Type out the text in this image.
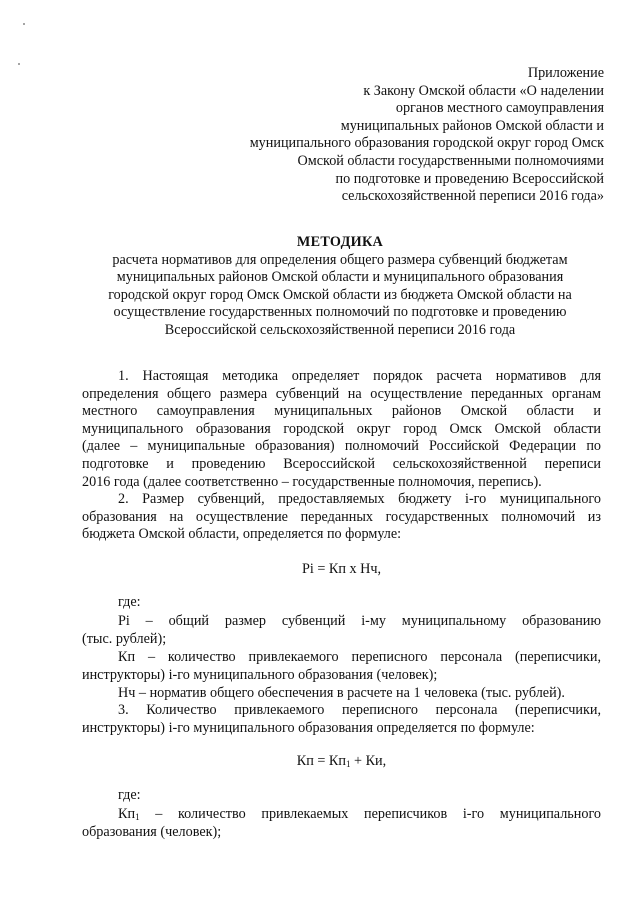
Приложение
к Закону Омской области «О наделении
органов местного самоуправления
муниципальных районов Омской области и
муниципального образования городской округ город Омск
Омской области государственными полномочиями
по подготовке и проведению Всероссийской
сельскохозяйственной переписи 2016 года»
МЕТОДИКА
расчета нормативов для определения общего размера субвенций бюджетам
муниципальных районов Омской области и муниципального образования
городской округ город Омск Омской области из бюджета Омской области на
осуществление государственных полномочий по подготовке и проведению
Всероссийской сельскохозяйственной переписи 2016 года
1. Настоящая методика определяет порядок расчета нормативов для
определения общего размера субвенций на осуществление переданных органам
местного самоуправления муниципальных районов Омской области и
муниципального образования городской округ город Омск Омской области
(далее – муниципальные образования) полномочий Российской Федерации по
подготовке и проведению Всероссийской сельскохозяйственной переписи
2016 года (далее соответственно – государственные полномочия, перепись).
2. Размер субвенций, предоставляемых бюджету i-го муниципального
образования на осуществление переданных государственных полномочий из
бюджета Омской области, определяется по формуле:
Pi = Кп х Нч,
где:
Pi – общий размер субвенций i-му муниципальному образованию
(тыс. рублей);
Кп – количество привлекаемого переписного персонала (переписчики,
инструкторы) i-го муниципального образования (человек);
Нч – норматив общего обеспечения в расчете на 1 человека (тыс. рублей).
3. Количество привлекаемого переписного персонала (переписчики,
инструкторы) i-го муниципального образования определяется по формуле:
Кп = $Кп_1$ + Ки,
где:
$Кп_1$ – количество привлекаемых переписчиков i-го муниципального
образования (человек);
